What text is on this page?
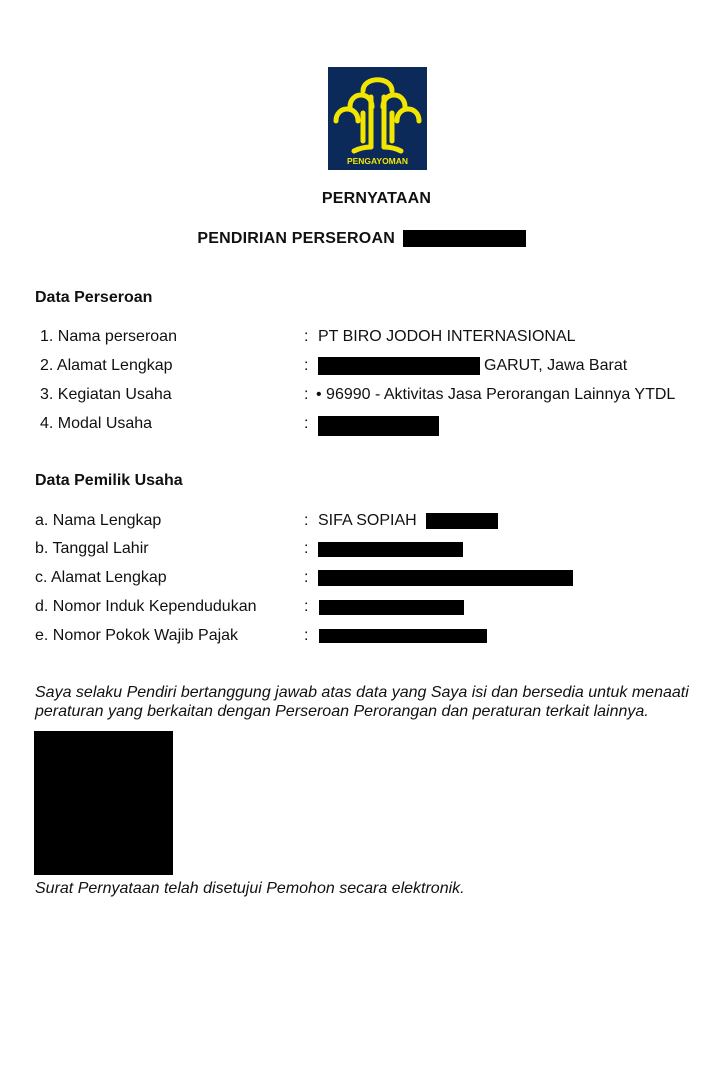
PENGAYOMAN
PERNYATAAN
PENDIRIAN PERSEROAN
Data Perseroan
1. Nama perseroan	: PT BIRO JODOH INTERNASIONAL
2. Alamat Lengkap	:	GARUT, Jawa Barat
3. Kegiatan Usaha	: • 96990 - Aktivitas Jasa Perorangan Lainnya YTDL
4. Modal Usaha	:
Data Pemilik Usaha
a. Nama Lengkap	: SIFA SOPIAH
b. Tanggal Lahir	:
c. Alamat Lengkap	:
d. Nomor Induk Kependudukan	:
e. Nomor Pokok Wajib Pajak	:
Saya selaku Pendiri bertanggung jawab atas data yang Saya isi dan bersedia untuk menaati
peraturan yang berkaitan dengan Perseroan Perorangan dan peraturan terkait lainnya.
Surat Pernyataan telah disetujui Pemohon secara elektronik.
